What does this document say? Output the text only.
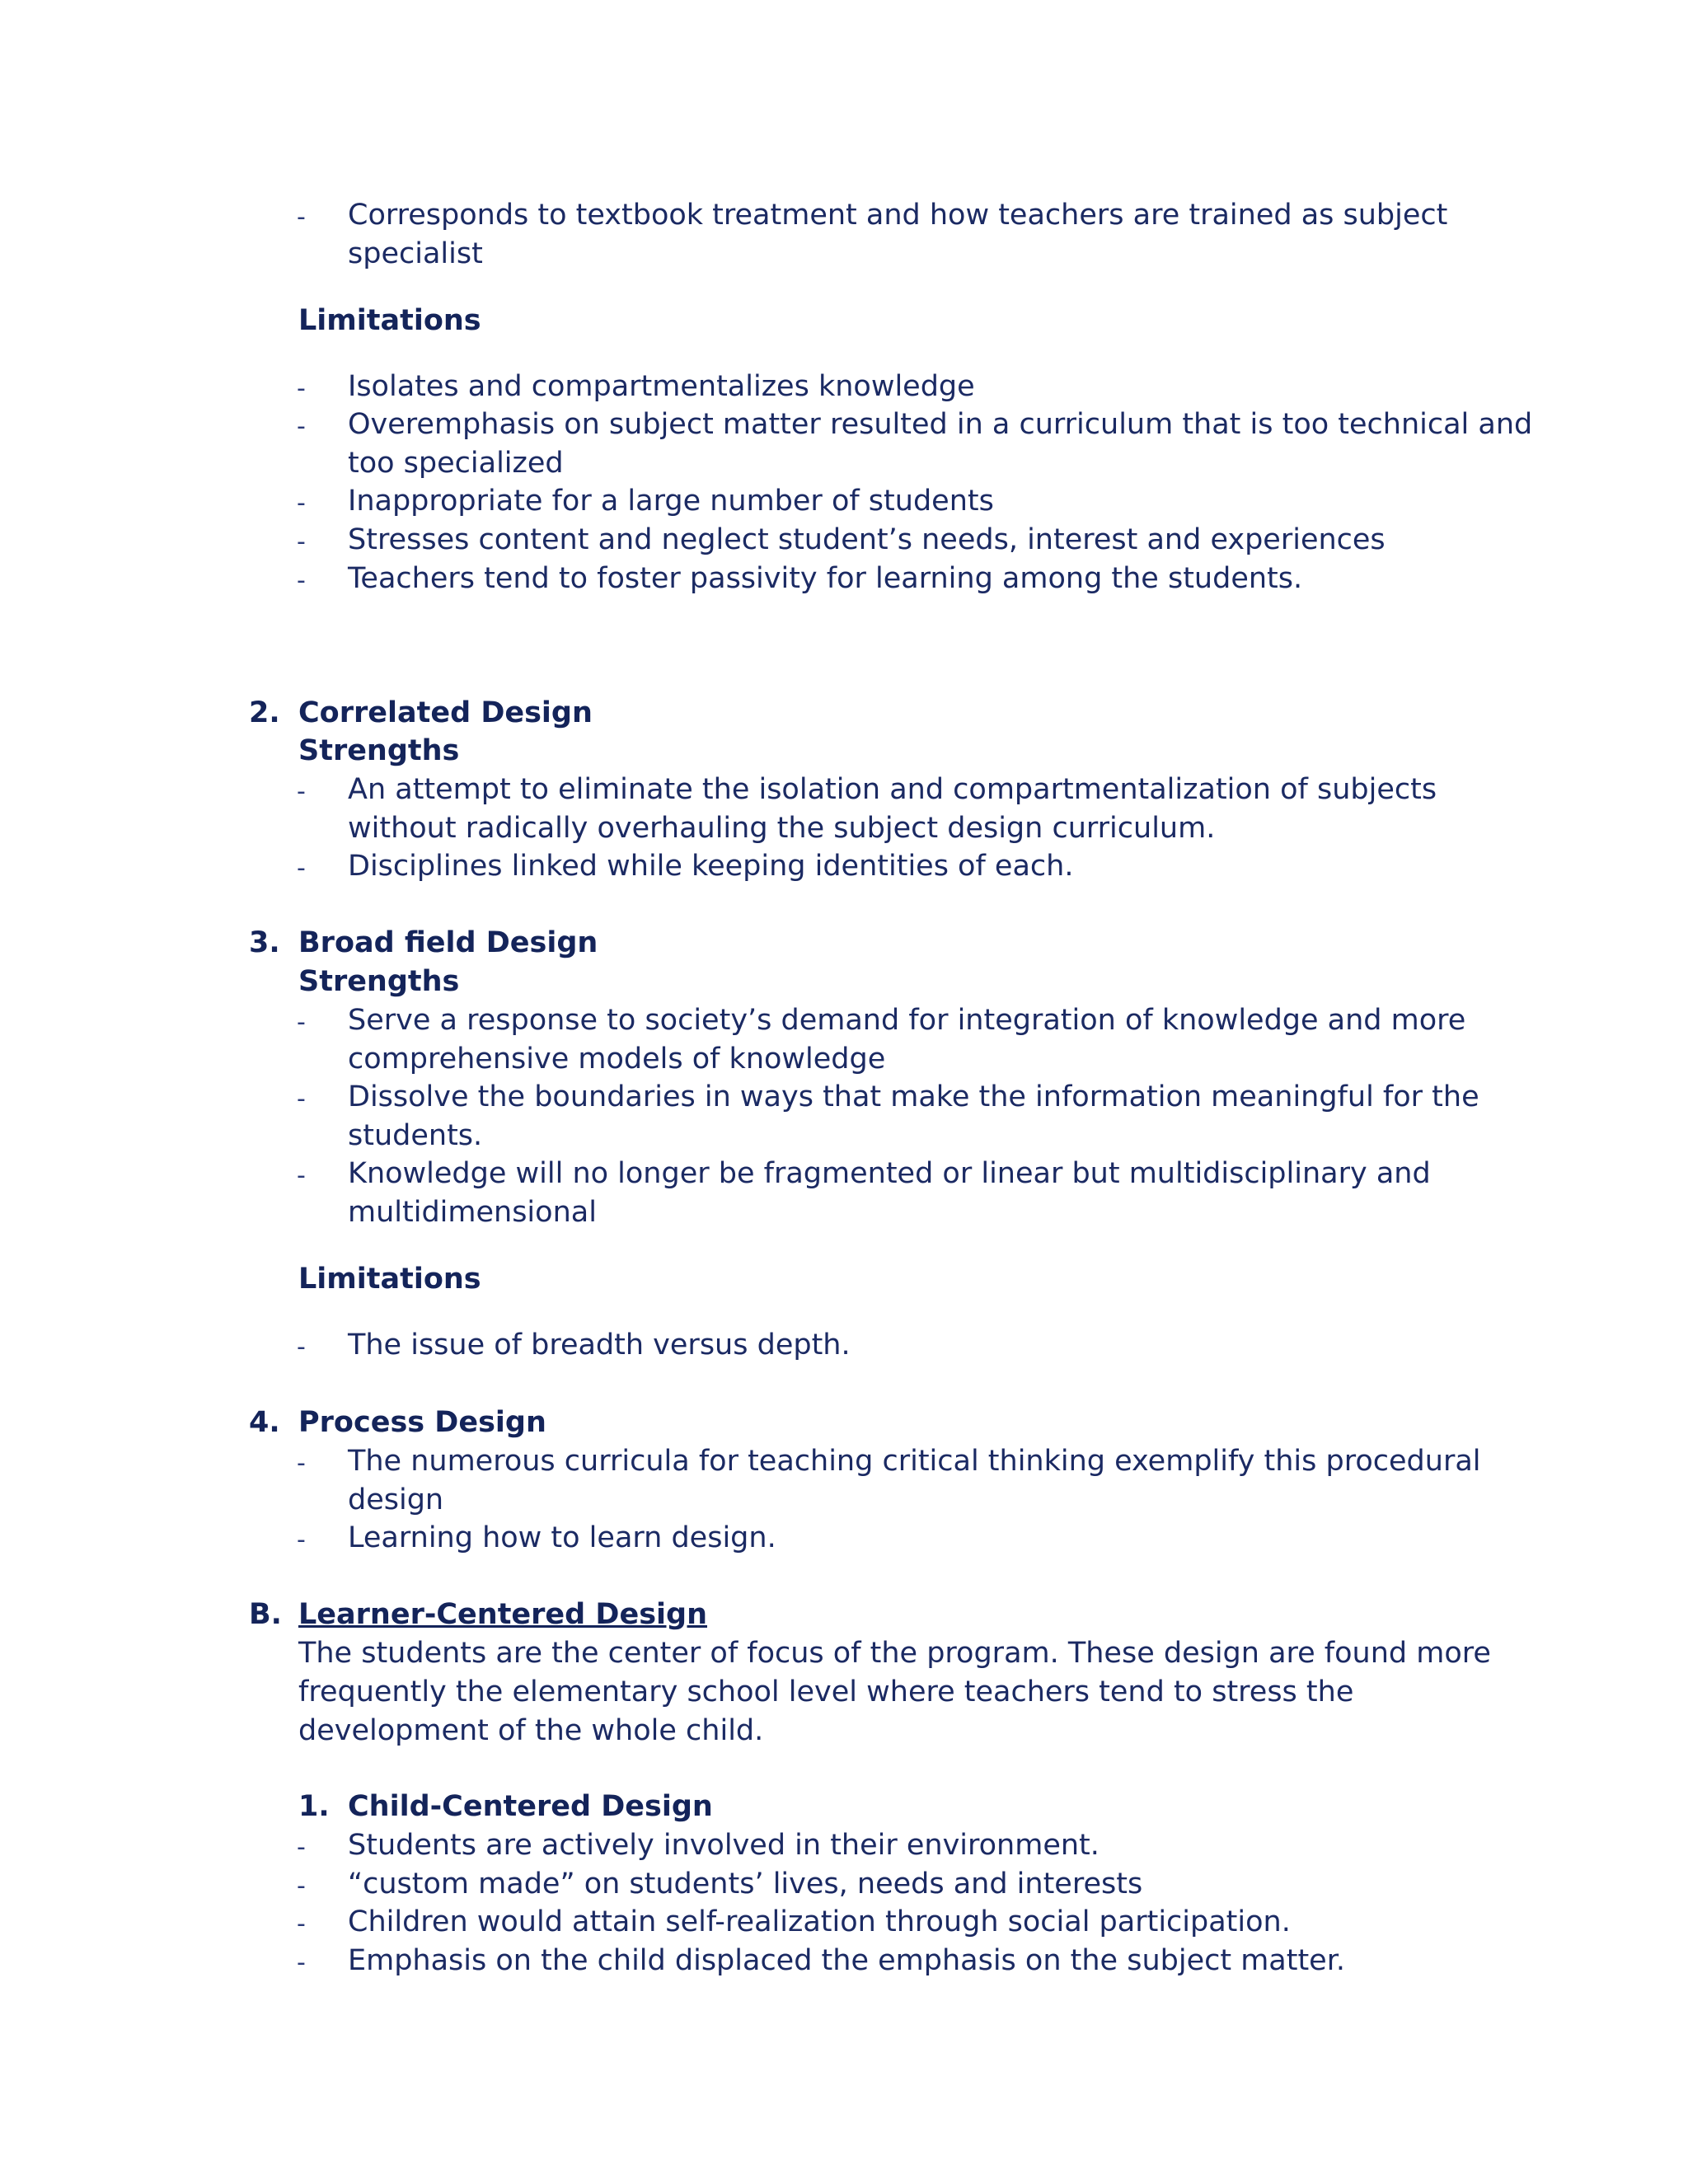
- Corresponds to textbook treatment and how teachers are trained as subject
specialist
Limitations
- Isolates and compartmentalizes knowledge
- Overemphasis on subject matter resulted in a curriculum that is too technical and
too specialized
- Inappropriate for a large number of students
- Stresses content and neglect student’s needs, interest and experiences
- Teachers tend to foster passivity for learning among the students.
2. Correlated Design
Strengths
- An attempt to eliminate the isolation and compartmentalization of subjects
without radically overhauling the subject design curriculum.
- Disciplines linked while keeping identities of each.
3. Broad field Design
Strengths
- Serve a response to society’s demand for integration of knowledge and more
comprehensive models of knowledge
- Dissolve the boundaries in ways that make the information meaningful for the
students.
- Knowledge will no longer be fragmented or linear but multidisciplinary and
multidimensional
Limitations
- The issue of breadth versus depth.
4. Process Design
- The numerous curricula for teaching critical thinking exemplify this procedural
design
- Learning how to learn design.
B. Learner-Centered Design
The students are the center of focus of the program. These design are found more
frequently the elementary school level where teachers tend to stress the
development of the whole child.
1. Child-Centered Design
- Students are actively involved in their environment.
- “custom made” on students’ lives, needs and interests
- Children would attain self-realization through social participation.
- Emphasis on the child displaced the emphasis on the subject matter.
